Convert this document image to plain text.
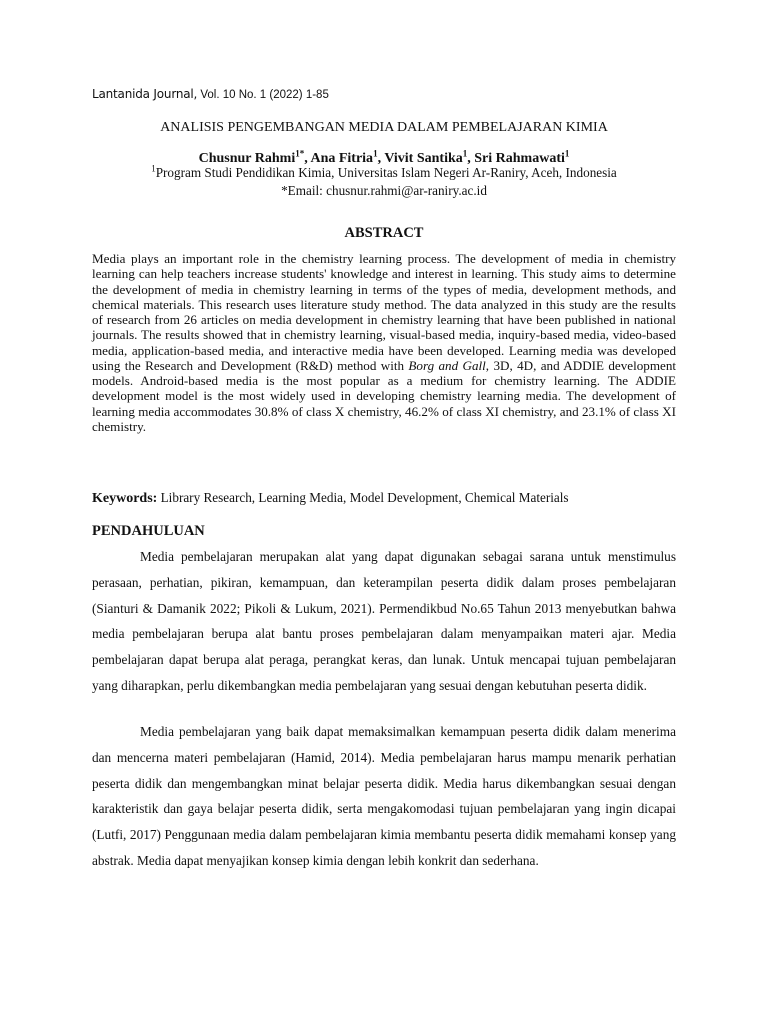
Lantanida Journal, Vol. 10 No. 1 (2022) 1-85
ANALISIS PENGEMBANGAN MEDIA DALAM PEMBELAJARAN KIMIA
Chusnur Rahmi$^{1*}$, Ana Fitria$^1$, Vivit Santika$^1$, Sri Rahmawati$^1$
$^1$Program Studi Pendidikan Kimia, Universitas Islam Negeri Ar-Raniry, Aceh, Indonesia
*Email: chusnur.rahmi@ar-raniry.ac.id
ABSTRACT

Media plays an important role in the chemistry learning process. The development of media in chemistry learning can help teachers increase students' knowledge and interest in learning. This study aims to determine the development of media in chemistry learning in terms of the types of media, development methods, and chemical materials. This research uses literature study method. The data analyzed in this study are the results of research from 26 articles on media development in chemistry learning that have been published in national journals. The results showed that in chemistry learning, visual-based media, inquiry-based media, video-based media, application-based media, and interactive media have been developed. Learning media was developed using the Research and Development (R&D) method with Borg and Gall, 3D, 4D, and ADDIE development models. Android-based media is the most popular as a medium for chemistry learning. The ADDIE development model is the most widely used in developing chemistry learning media. The development of learning media accommodates 30.8% of class X chemistry, 46.2% of class XI chemistry, and 23.1% of class XI chemistry.

Keywords: Library Research, Learning Media, Model Development, Chemical Materials

PENDAHULUAN

Media pembelajaran merupakan alat yang dapat digunakan sebagai sarana untuk menstimulus perasaan, perhatian, pikiran, kemampuan, dan keterampilan peserta didik dalam proses pembelajaran (Sianturi & Damanik 2022; Pikoli & Lukum, 2021). Permendikbud No.65 Tahun 2013 menyebutkan bahwa media pembelajaran berupa alat bantu proses pembelajaran dalam menyampaikan materi ajar. Media pembelajaran dapat berupa alat peraga, perangkat keras, dan lunak. Untuk mencapai tujuan pembelajaran yang diharapkan, perlu dikembangkan media pembelajaran yang sesuai dengan kebutuhan peserta didik.

Media pembelajaran yang baik dapat memaksimalkan kemampuan peserta didik dalam menerima dan mencerna materi pembelajaran (Hamid, 2014). Media pembelajaran harus mampu menarik perhatian peserta didik dan mengembangkan minat belajar peserta didik. Media harus dikembangkan sesuai dengan karakteristik dan gaya belajar peserta didik, serta mengakomodasi tujuan pembelajaran yang ingin dicapai (Lutfi, 2017) Penggunaan media dalam pembelajaran kimia membantu peserta didik memahami konsep yang abstrak. Media dapat menyajikan konsep kimia dengan lebih konkrit dan sederhana.
